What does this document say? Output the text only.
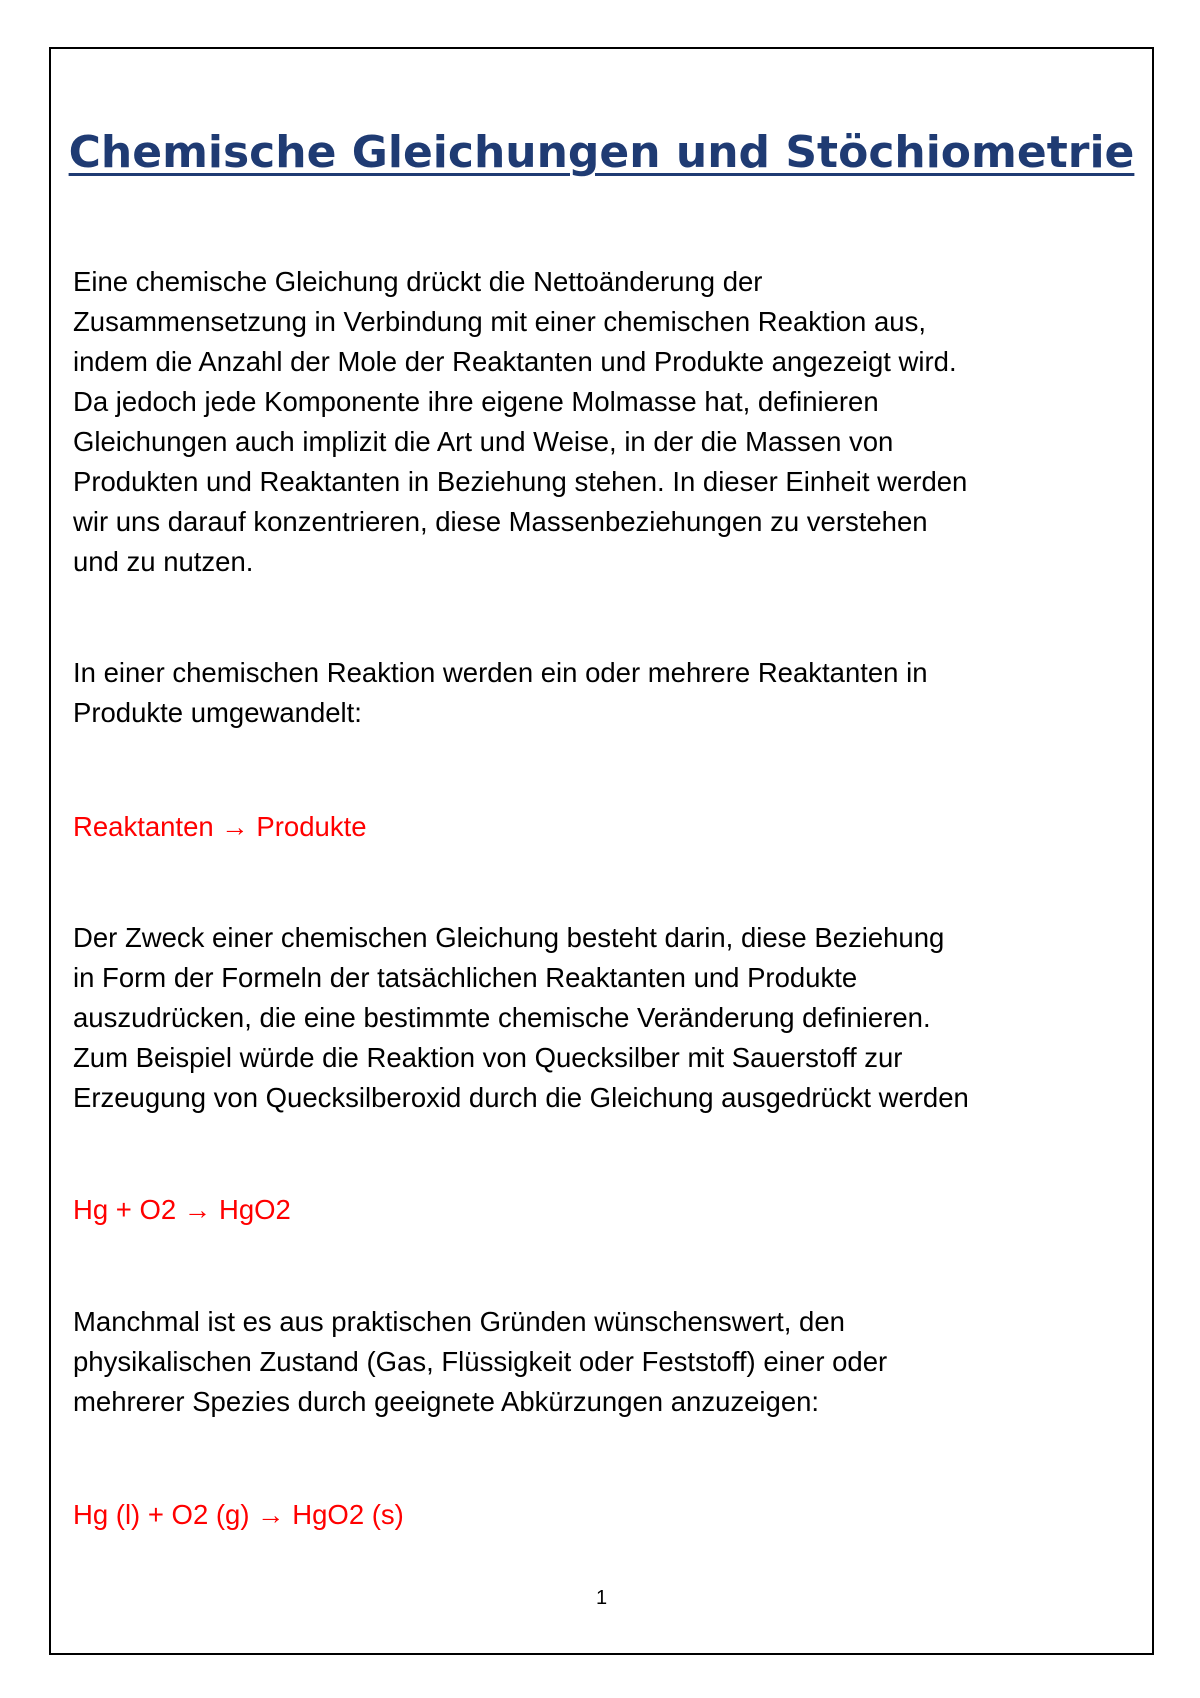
Chemische Gleichungen und Stöchiometrie

Eine chemische Gleichung drückt die Nettoänderung der
Zusammensetzung in Verbindung mit einer chemischen Reaktion aus,
indem die Anzahl der Mole der Reaktanten und Produkte angezeigt wird.
Da jedoch jede Komponente ihre eigene Molmasse hat, definieren
Gleichungen auch implizit die Art und Weise, in der die Massen von
Produkten und Reaktanten in Beziehung stehen. In dieser Einheit werden
wir uns darauf konzentrieren, diese Massenbeziehungen zu verstehen
und zu nutzen.

In einer chemischen Reaktion werden ein oder mehrere Reaktanten in
Produkte umgewandelt:

Reaktanten → Produkte

Der Zweck einer chemischen Gleichung besteht darin, diese Beziehung
in Form der Formeln der tatsächlichen Reaktanten und Produkte
auszudrücken, die eine bestimmte chemische Veränderung definieren.
Zum Beispiel würde die Reaktion von Quecksilber mit Sauerstoff zur
Erzeugung von Quecksilberoxid durch die Gleichung ausgedrückt werden

Hg + O2 → HgO2

Manchmal ist es aus praktischen Gründen wünschenswert, den
physikalischen Zustand (Gas, Flüssigkeit oder Feststoff) einer oder
mehrerer Spezies durch geeignete Abkürzungen anzuzeigen:

Hg (l) + O2 (g) → HgO2 (s)

1
